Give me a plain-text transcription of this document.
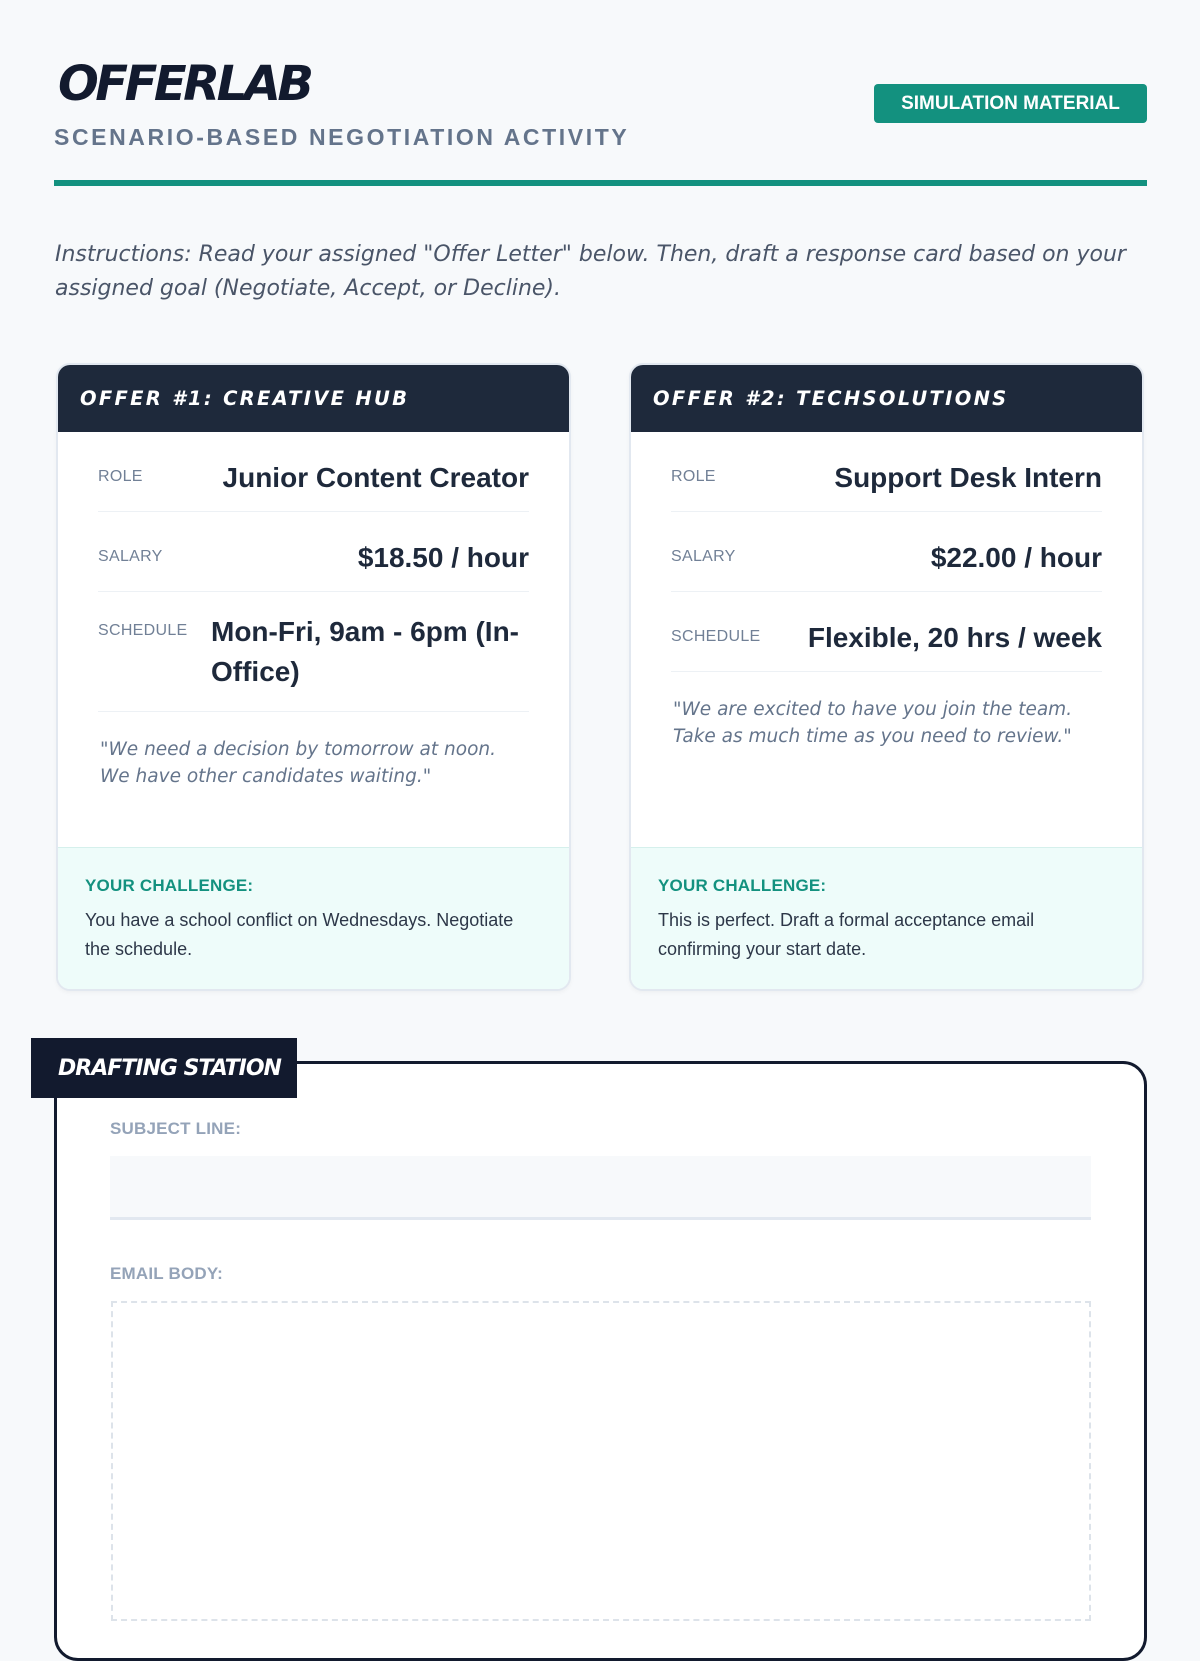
OFFERLAB

SCENARIO-BASED NEGOTIATION ACTIVITY

SIMULATION MATERIAL

Instructions: Read your assigned "Offer Letter" below. Then, draft a response card based on your assigned goal (Negotiate, Accept, or Decline).

OFFER #1: CREATIVE HUB
ROLE	Junior Content Creator
SALARY	$18.50 / hour
SCHEDULE Mon-Fri, 9am - 6pm (In-Office)

"We need a decision by tomorrow at noon. We have other candidates waiting."

YOUR CHALLENGE:

You have a school conflict on Wednesdays. Negotiate the schedule.

OFFER #2: TECHSOLUTIONS
ROLE	Support Desk Intern
SALARY	$22.00 / hour
SCHEDULE Flexible, 20 hrs / week

"We are excited to have you join the team. Take as much time as you need to review."

YOUR CHALLENGE:

This is perfect. Draft a formal acceptance email confirming your start date.

DRAFTING STATION
SUBJECT LINE:
EMAIL BODY:
